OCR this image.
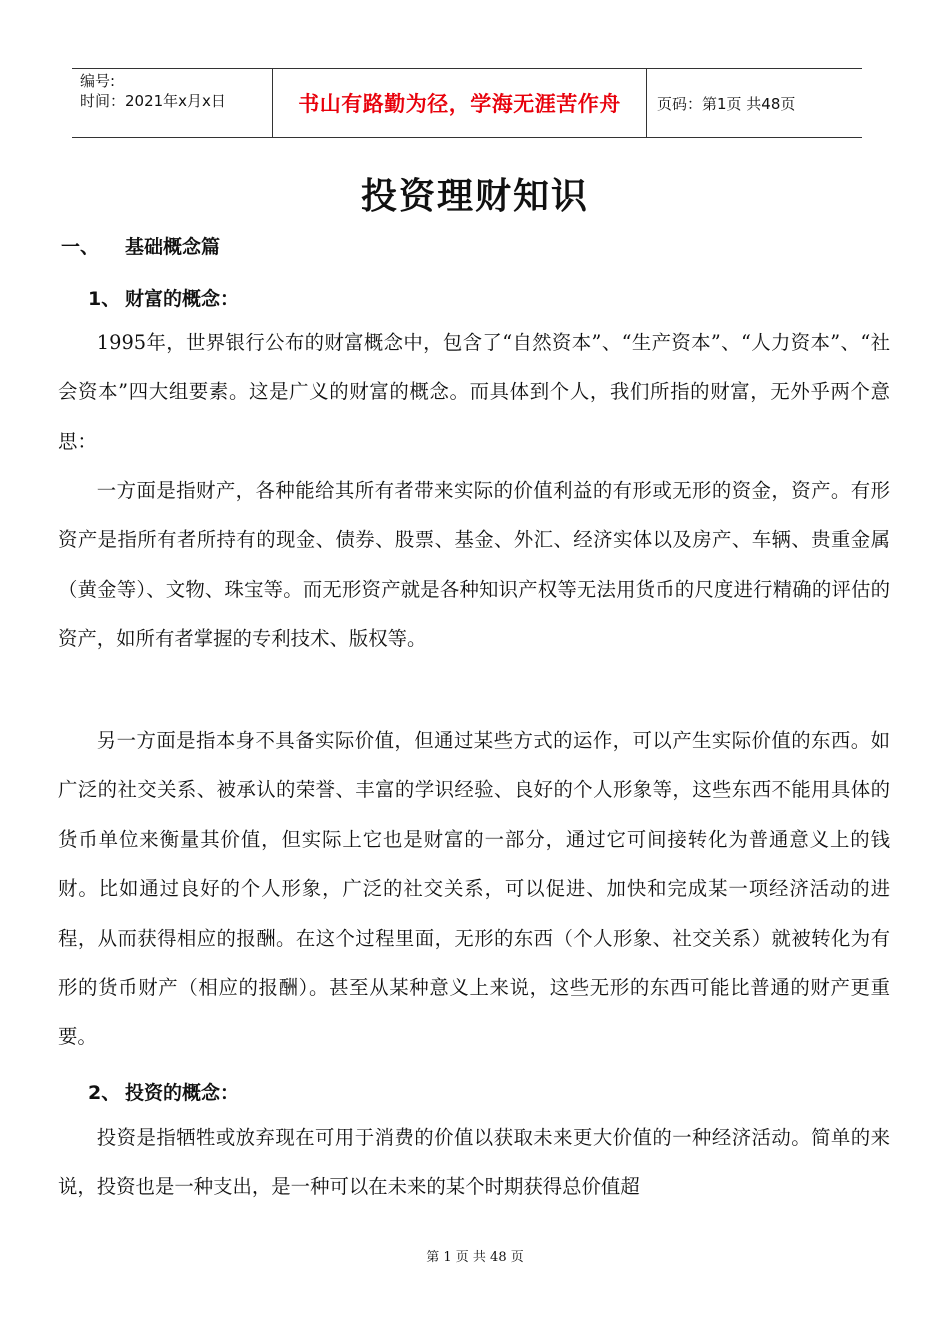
编号:
时间：2021年x月x日	书山有路勤为径，学海无涯苦作舟	页码：第1页 共48页
投资理财知识
一、 基础概念篇
1、 财富的概念：

1995年，世界银行公布的财富概念中，包含了“自然资本”、“生产资本”、“人力资本”、“社会资本”四大组要素。这是广义的财富的概念。而具体到个人，我们所指的财富，无外乎两个意思：

一方面是指财产，各种能给其所有者带来实际的价值利益的有形或无形的资金，资产。有形资产是指所有者所持有的现金、债券、股票、基金、外汇、经济实体以及房产、车辆、贵重金属（黄金等）、文物、珠宝等。而无形资产就是各种知识产权等无法用货币的尺度进行精确的评估的资产，如所有者掌握的专利技术、版权等。

另一方面是指本身不具备实际价值，但通过某些方式的运作，可以产生实际价值的东西。如广泛的社交关系、被承认的荣誉、丰富的学识经验、良好的个人形象等，这些东西不能用具体的货币单位来衡量其价值，但实际上它也是财富的一部分，通过它可间接转化为普通意义上的钱财。比如通过良好的个人形象，广泛的社交关系，可以促进、加快和完成某一项经济活动的进程，从而获得相应的报酬。在这个过程里面，无形的东西（个人形象、社交关系）就被转化为有形的货币财产（相应的报酬）。甚至从某种意义上来说，这些无形的东西可能比普通的财产更重要。

2、 投资的概念：

投资是指牺牲或放弃现在可用于消费的价值以获取未来更大价值的一种经济活动。简单的来说，投资也是一种支出，是一种可以在未来的某个时期获得总价值超

第 1 页 共 48 页
